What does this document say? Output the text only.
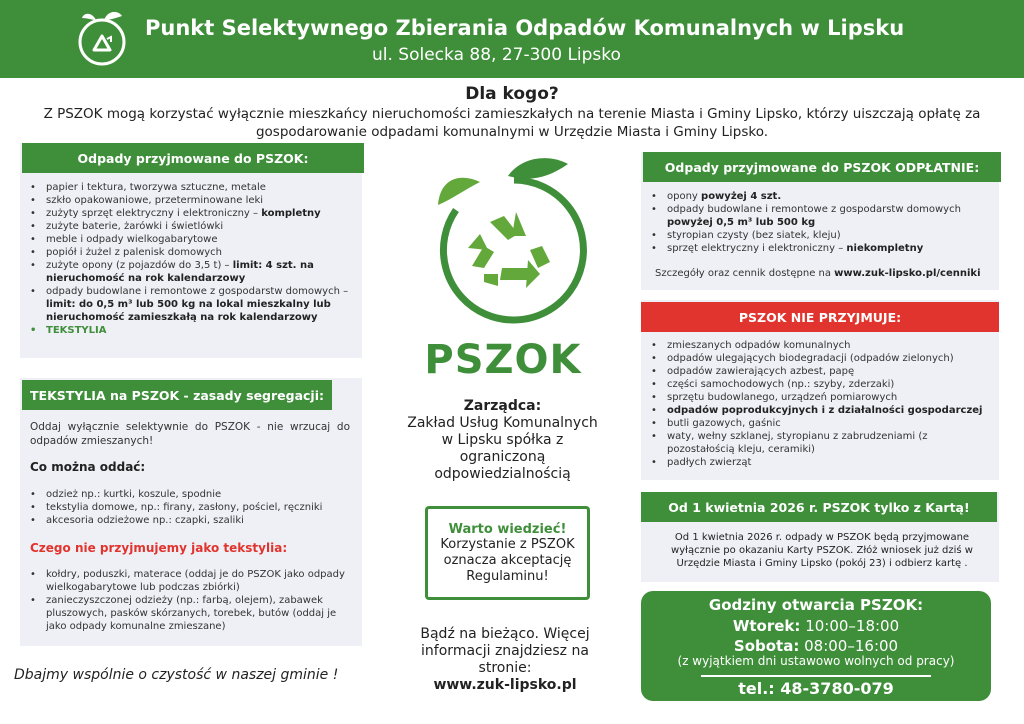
Punkt Selektywnego Zbierania Odpadów Komunalnych w Lipsku
ul. Solecka 88, 27-300 Lipsko
Dla kogo?
Z PSZOK mogą korzystać wyłącznie mieszkańcy nieruchomości zamieszkałych na terenie Miasta i Gminy Lipsko, którzy uiszczają opłatę za gospodarowanie odpadami komunalnymi w Urzędzie Miasta i Gminy Lipsko.
Odpady przyjmowane do PSZOK:
• papier i tektura, tworzywa sztuczne, metale
• szkło opakowaniowe, przeterminowane leki
• zużyty sprzęt elektryczny i elektroniczny – kompletny
• zużyte baterie, żarówki i świetlówki
• meble i odpady wielkogabarytowe
• popiół i żużel z palenisk domowych
• zużyte opony (z pojazdów do 3,5 t) – limit: 4 szt. na nieruchomość na rok kalendarzowy
• odpady budowlane i remontowe z gospodarstw domowych – limit: do 0,5 m³ lub 500 kg na lokal mieszkalny lub nieruchomość zamieszkałą na rok kalendarzowy
• TEKSTYLIA
TEKSTYLIA na PSZOK - zasady segregacji:
Oddaj wyłącznie selektywnie do PSZOK - nie wrzucaj do odpadów zmieszanych!
Co można oddać:
• odzież np.: kurtki, koszule, spodnie
• tekstylia domowe, np.: firany, zasłony, pościel, ręczniki
• akcesoria odzieżowe np.: czapki, szaliki
Czego nie przyjmujemy jako tekstylia:
• kołdry, poduszki, materace (oddaj je do PSZOK jako odpady wielkogabarytowe lub podczas zbiórki)
• zanieczyszczonej odzieży (np.: farbą, olejem), zabawek pluszowych, pasków skórzanych, torebek, butów (oddaj je jako odpady komunalne zmieszane)
Dbajmy wspólnie o czystość w naszej gminie !
PSZOK
Zarządca:
Zakład Usług Komunalnych w Lipsku spółka z ograniczoną odpowiedzialnością
Warto wiedzieć!
Korzystanie z PSZOK oznacza akceptację Regulaminu!
Bądź na bieżąco. Więcej informacji znajdziesz na stronie:
www.zuk-lipsko.pl
Odpady przyjmowane do PSZOK ODPŁATNIE:
• opony powyżej 4 szt.
• odpady budowlane i remontowe z gospodarstw domowych powyżej 0,5 m³ lub 500 kg
• styropian czysty (bez siatek, kleju)
• sprzęt elektryczny i elektroniczny – niekompletny
Szczegóły oraz cennik dostępne na www.zuk-lipsko.pl/cenniki
PSZOK NIE PRZYJMUJE:
• zmieszanych odpadów komunalnych
• odpadów ulegających biodegradacji (odpadów zielonych)
• odpadów zawierających azbest, papę
• części samochodowych (np.: szyby, zderzaki)
• sprzętu budowlanego, urządzeń pomiarowych
• odpadów poprodukcyjnych i z działalności gospodarczej
• butli gazowych, gaśnic
• waty, wełny szklanej, styropianu z zabrudzeniami (z pozostałością kleju, ceramiki)
• padłych zwierząt
Od 1 kwietnia 2026 r. PSZOK tylko z Kartą!
Od 1 kwietnia 2026 r. odpady w PSZOK będą przyjmowane wyłącznie po okazaniu Karty PSZOK. Złóż wniosek już dziś w Urzędzie Miasta i Gminy Lipsko (pokój 23) i odbierz kartę .
Godziny otwarcia PSZOK:
Wtorek: 10:00–18:00
Sobota: 08:00–16:00
(z wyjątkiem dni ustawowo wolnych od pracy)
tel.: 48-3780-079
